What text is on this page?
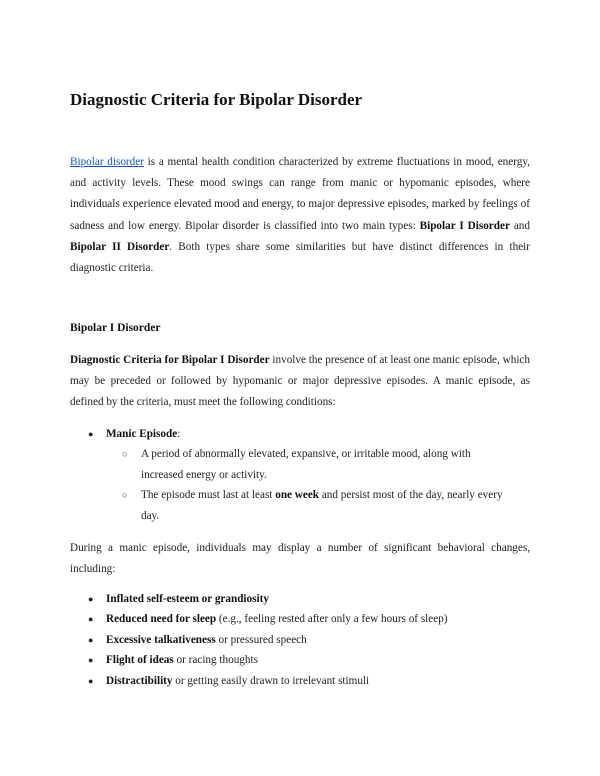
Diagnostic Criteria for Bipolar Disorder

Bipolar disorder is a mental health condition characterized by extreme fluctuations in mood, energy, and activity levels. These mood swings can range from manic or hypomanic episodes, where individuals experience elevated mood and energy, to major depressive episodes, marked by feelings of sadness and low energy. Bipolar disorder is classified into two main types: Bipolar I Disorder and Bipolar II Disorder. Both types share some similarities but have distinct differences in their diagnostic criteria.

Bipolar I Disorder

Diagnostic Criteria for Bipolar I Disorder involve the presence of at least one manic episode, which may be preceded or followed by hypomanic or major depressive episodes. A manic episode, as defined by the criteria, must meet the following conditions:

●	Manic Episode:
○ A period of abnormally elevated, expansive, or irritable mood, along with increased energy or activity.
○ The episode must last at least one week and persist most of the day, nearly every day.

During a manic episode, individuals may display a number of significant behavioral changes, including:

●	Inflated self-esteem or grandiosity
●	Reduced need for sleep (e.g., feeling rested after only a few hours of sleep)
●	Excessive talkativeness or pressured speech
●	Flight of ideas or racing thoughts
●	Distractibility or getting easily drawn to irrelevant stimuli
